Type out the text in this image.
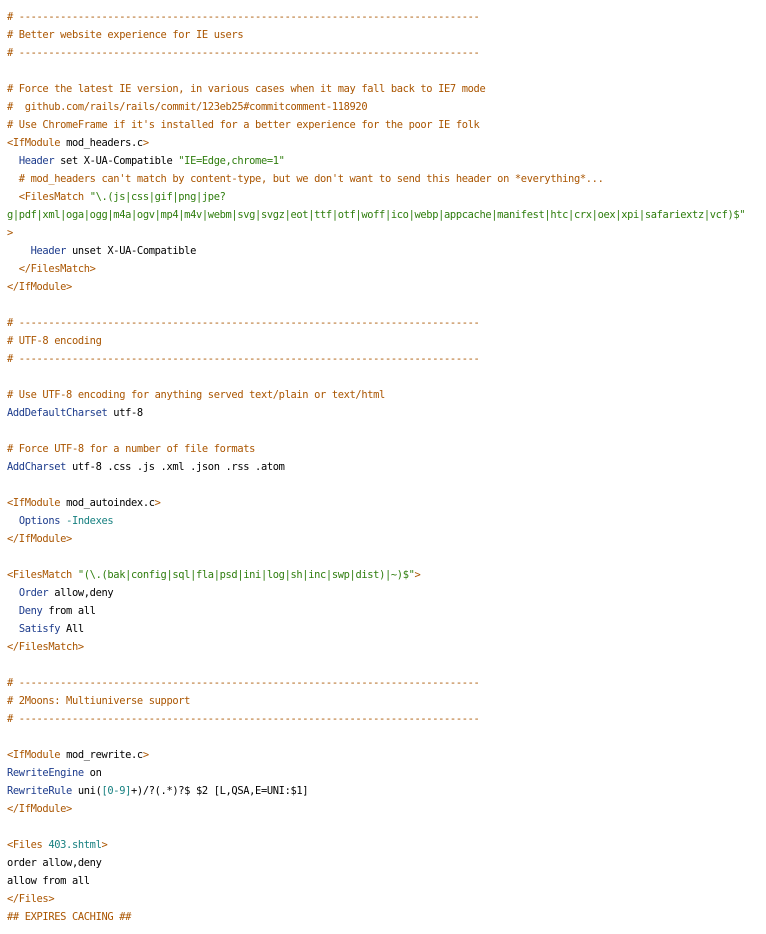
# ------------------------------------------------------------------------------
# Better website experience for IE users
# ------------------------------------------------------------------------------

# Force the latest IE version, in various cases when it may fall back to IE7 mode
#  github.com/rails/rails/commit/123eb25#commitcomment-118920
# Use ChromeFrame if it's installed for a better experience for the poor IE folk
<IfModule mod_headers.c>
Header set X-UA-Compatible "IE=Edge,chrome=1"
# mod_headers can't match by content-type, but we don't want to send this header on *everything*...
<FilesMatch "\.(js|css|gif|png|jpe?
g|pdf|xml|oga|ogg|m4a|ogv|mp4|m4v|webm|svg|svgz|eot|ttf|otf|woff|ico|webp|appcache|manifest|htc|crx|oex|xpi|safariextz|vcf)$"
>
Header unset X-UA-Compatible
</FilesMatch>
</IfModule>

# ------------------------------------------------------------------------------
# UTF-8 encoding
# ------------------------------------------------------------------------------

# Use UTF-8 encoding for anything served text/plain or text/html
AddDefaultCharset utf-8

# Force UTF-8 for a number of file formats
AddCharset utf-8 .css .js .xml .json .rss .atom

<IfModule mod_autoindex.c>
Options -Indexes
</IfModule>

<FilesMatch "(\.(bak|config|sql|fla|psd|ini|log|sh|inc|swp|dist)|~)$">
Order allow,deny
Deny from all
Satisfy All
</FilesMatch>

# ------------------------------------------------------------------------------
# 2Moons: Multiuniverse support
# ------------------------------------------------------------------------------

<IfModule mod_rewrite.c>
RewriteEngine on
RewriteRule uni([0-9]+)/?(.*)?$ $2 [L,QSA,E=UNI:$1]
</IfModule>

<Files 403.shtml>
order allow,deny
allow from all
</Files>
## EXPIRES CACHING ##
